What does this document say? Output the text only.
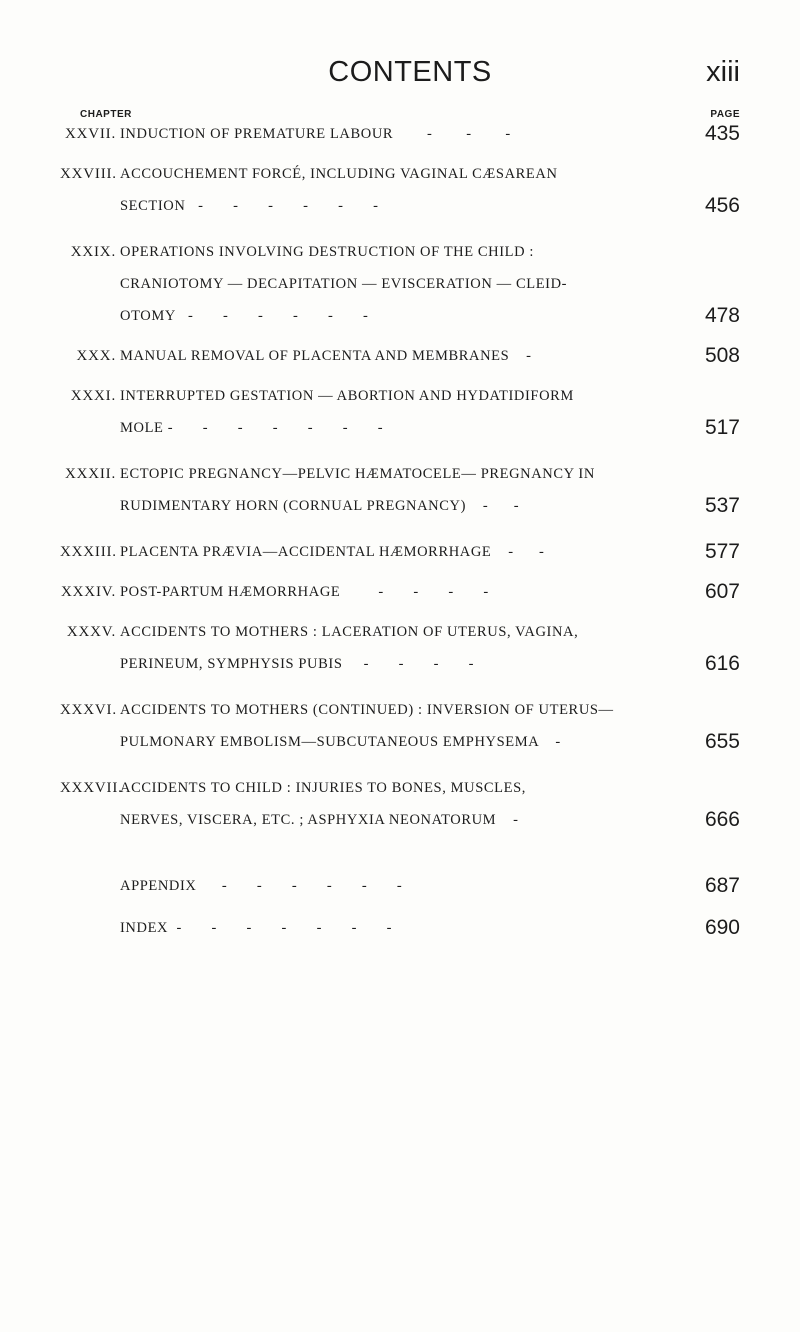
CONTENTS	xiii
CHAPTER	PAGE
XXVII. INDUCTION OF PREMATURE LABOUR        -        -        -	435
XXVIII. ACCOUCHEMENT FORCÉ, INCLUDING VAGINAL CÆSAREAN
SECTION   -       -       -       -       -       -	456
XXIX. OPERATIONS INVOLVING DESTRUCTION OF THE CHILD :
CRANIOTOMY — DECAPITATION — EVISCERATION — CLEID-
OTOMY   -       -       -       -       -       -	478
XXX. MANUAL REMOVAL OF PLACENTA AND MEMBRANES    -	508
XXXI. INTERRUPTED GESTATION — ABORTION AND HYDATIDIFORM
MOLE -       -       -       -       -       -       -	517
XXXII. ECTOPIC PREGNANCY—PELVIC HÆMATOCELE— PREGNANCY IN
RUDIMENTARY HORN (CORNUAL PREGNANCY)    -      -	537
XXXIII. PLACENTA PRÆVIA—ACCIDENTAL HÆMORRHAGE    -      -	577
XXXIV. POST-PARTUM HÆMORRHAGE         -       -       -       -	607
XXXV. ACCIDENTS TO MOTHERS : LACERATION OF UTERUS, VAGINA,
PERINEUM, SYMPHYSIS PUBIS     -       -       -       -	616
XXXVI. ACCIDENTS TO MOTHERS (CONTINUED) : INVERSION OF UTERUS—
PULMONARY EMBOLISM—SUBCUTANEOUS EMPHYSEMA    -	655
XXXVII.
ACCIDENTS TO CHILD : INJURIES TO BONES, MUSCLES,
NERVES, VISCERA, ETC. ; ASPHYXIA NEONATORUM    -	666
APPENDIX      -       -       -       -       -       -	687
INDEX  -       -       -       -       -       -       -	690
